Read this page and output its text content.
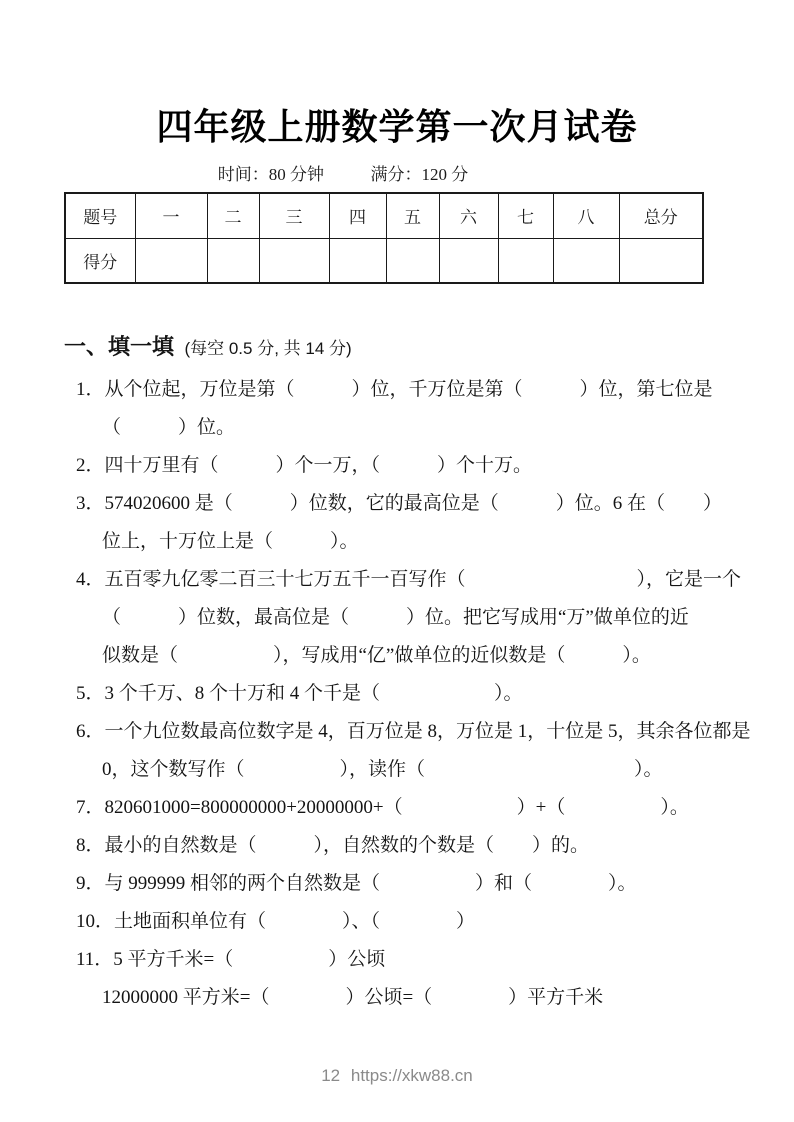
四年级上册数学第一次月试卷
时间：80 分钟	满分：120 分
题号	一	二	三	四	五	六	七	八	总分
得分									
一、填一填 (每空 0.5 分, 共 14 分)
1．从个位起，万位是第（　　　）位，千万位是第（　　　）位，第七位是
（　　　）位。
2．四十万里有（　　　）个一万，（　　　）个十万。
3．574020600 是（　　　）位数，它的最高位是（　　　）位。6 在（　　）
位上，十万位上是（　　　）。
4．五百零九亿零二百三十七万五千一百写作（　　　　　　　　　），它是一个
（　　　）位数，最高位是（　　　）位。把它写成用“万”做单位的近
似数是（　　　　　），写成用“亿”做单位的近似数是（　　　）。
5．3 个千万、8 个十万和 4 个千是（　　　　　　）。
6．一个九位数最高位数字是 4，百万位是 8，万位是 1，十位是 5，其余各位都是
0，这个数写作（　　　　　），读作（　　　　　　　　　　　）。
7．820601000=800000000+20000000+（　　　　　　）+（　　　　　）。
8．最小的自然数是（　　　），自然数的个数是（　　）的。
9．与 999999 相邻的两个自然数是（　　　　　）和（　　　　）。
10．土地面积单位有（　　　　）、（　　　　）
11．5 平方千米=（　　　　　）公顷
12000000 平方米=（　　　　）公顷=（　　　　）平方千米
12 https://xkw88.cn
